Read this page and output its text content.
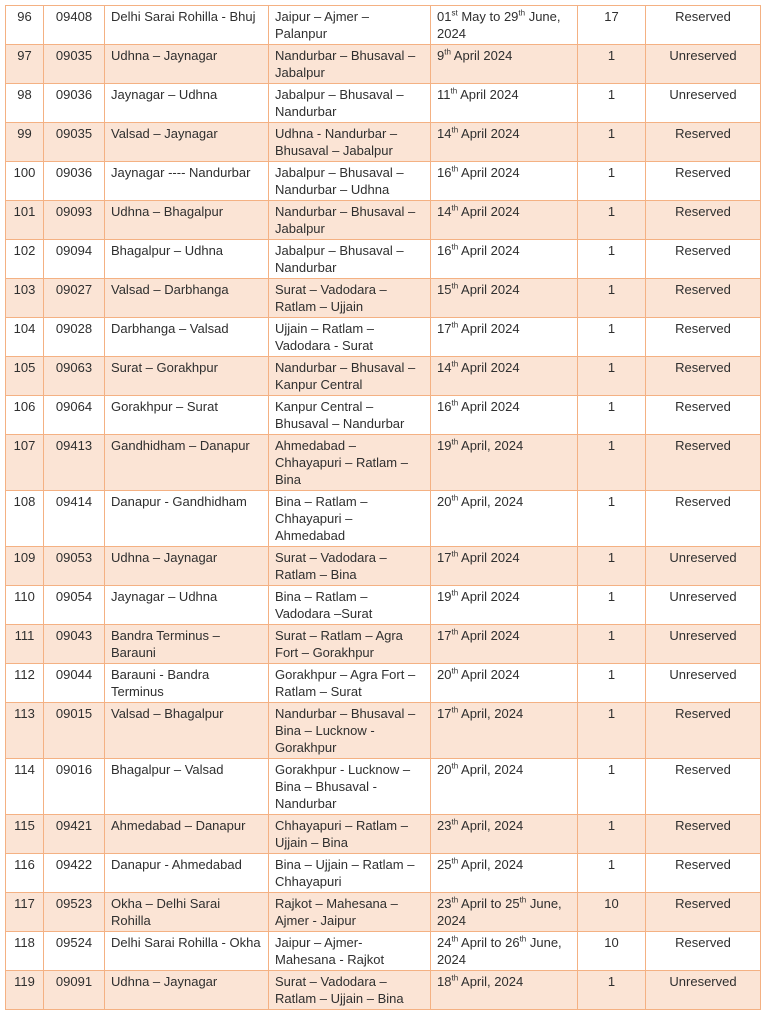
96	09408	Delhi Sarai Rohilla - Bhuj	Jaipur – Ajmer – Palanpur	01st May to 29th June, 2024	17	Reserved
97	09035	Udhna – Jaynagar	Nandurbar – Bhusaval – Jabalpur	9th April 2024	1	Unreserved
98	09036	Jaynagar – Udhna	Jabalpur – Bhusaval – Nandurbar	11th April 2024	1	Unreserved
99	09035	Valsad – Jaynagar	Udhna - Nandurbar – Bhusaval – Jabalpur	14th April 2024	1	Reserved
100	09036	Jaynagar ---- Nandurbar	Jabalpur – Bhusaval – Nandurbar – Udhna	16th April 2024	1	Reserved
101	09093	Udhna – Bhagalpur	Nandurbar – Bhusaval – Jabalpur	14th April 2024	1	Reserved
102	09094	Bhagalpur – Udhna	Jabalpur – Bhusaval – Nandurbar	16th April 2024	1	Reserved
103	09027	Valsad – Darbhanga	Surat – Vadodara – Ratlam – Ujjain	15th April 2024	1	Reserved
104	09028	Darbhanga – Valsad	Ujjain – Ratlam – Vadodara - Surat	17th April 2024	1	Reserved
105	09063	Surat – Gorakhpur	Nandurbar – Bhusaval – Kanpur Central	14th April 2024	1	Reserved
106	09064	Gorakhpur – Surat	Kanpur Central – Bhusaval – Nandurbar	16th April 2024	1	Reserved
107	09413	Gandhidham – Danapur	Ahmedabad – Chhayapuri – Ratlam – Bina	19th April, 2024	1	Reserved
108	09414	Danapur - Gandhidham	Bina – Ratlam – Chhayapuri – Ahmedabad	20th April, 2024	1	Reserved
109	09053	Udhna – Jaynagar	Surat – Vadodara – Ratlam – Bina	17th April 2024	1	Unreserved
110	09054	Jaynagar – Udhna	Bina – Ratlam – Vadodara –Surat	19th April 2024	1	Unreserved
111	09043	Bandra Terminus – Barauni	Surat – Ratlam – Agra Fort – Gorakhpur	17th April 2024	1	Unreserved
112	09044	Barauni - Bandra Terminus	Gorakhpur – Agra Fort – Ratlam – Surat	20th April 2024	1	Unreserved
113	09015	Valsad – Bhagalpur	Nandurbar – Bhusaval – Bina – Lucknow - Gorakhpur	17th April, 2024	1	Reserved
114	09016	Bhagalpur – Valsad	Gorakhpur - Lucknow – Bina – Bhusaval - Nandurbar	20th April, 2024	1	Reserved
115	09421	Ahmedabad – Danapur	Chhayapuri – Ratlam – Ujjain – Bina	23th April, 2024	1	Reserved
116	09422	Danapur - Ahmedabad	Bina – Ujjain – Ratlam – Chhayapuri	25th April, 2024	1	Reserved
117	09523	Okha – Delhi Sarai Rohilla	Rajkot – Mahesana – Ajmer - Jaipur	23th April to 25th June, 2024	10	Reserved
118	09524	Delhi Sarai Rohilla - Okha	Jaipur – Ajmer- Mahesana - Rajkot	24th April to 26th June, 2024	10	Reserved
119	09091	Udhna – Jaynagar	Surat – Vadodara – Ratlam – Ujjain – Bina	18th April, 2024	1	Unreserved
